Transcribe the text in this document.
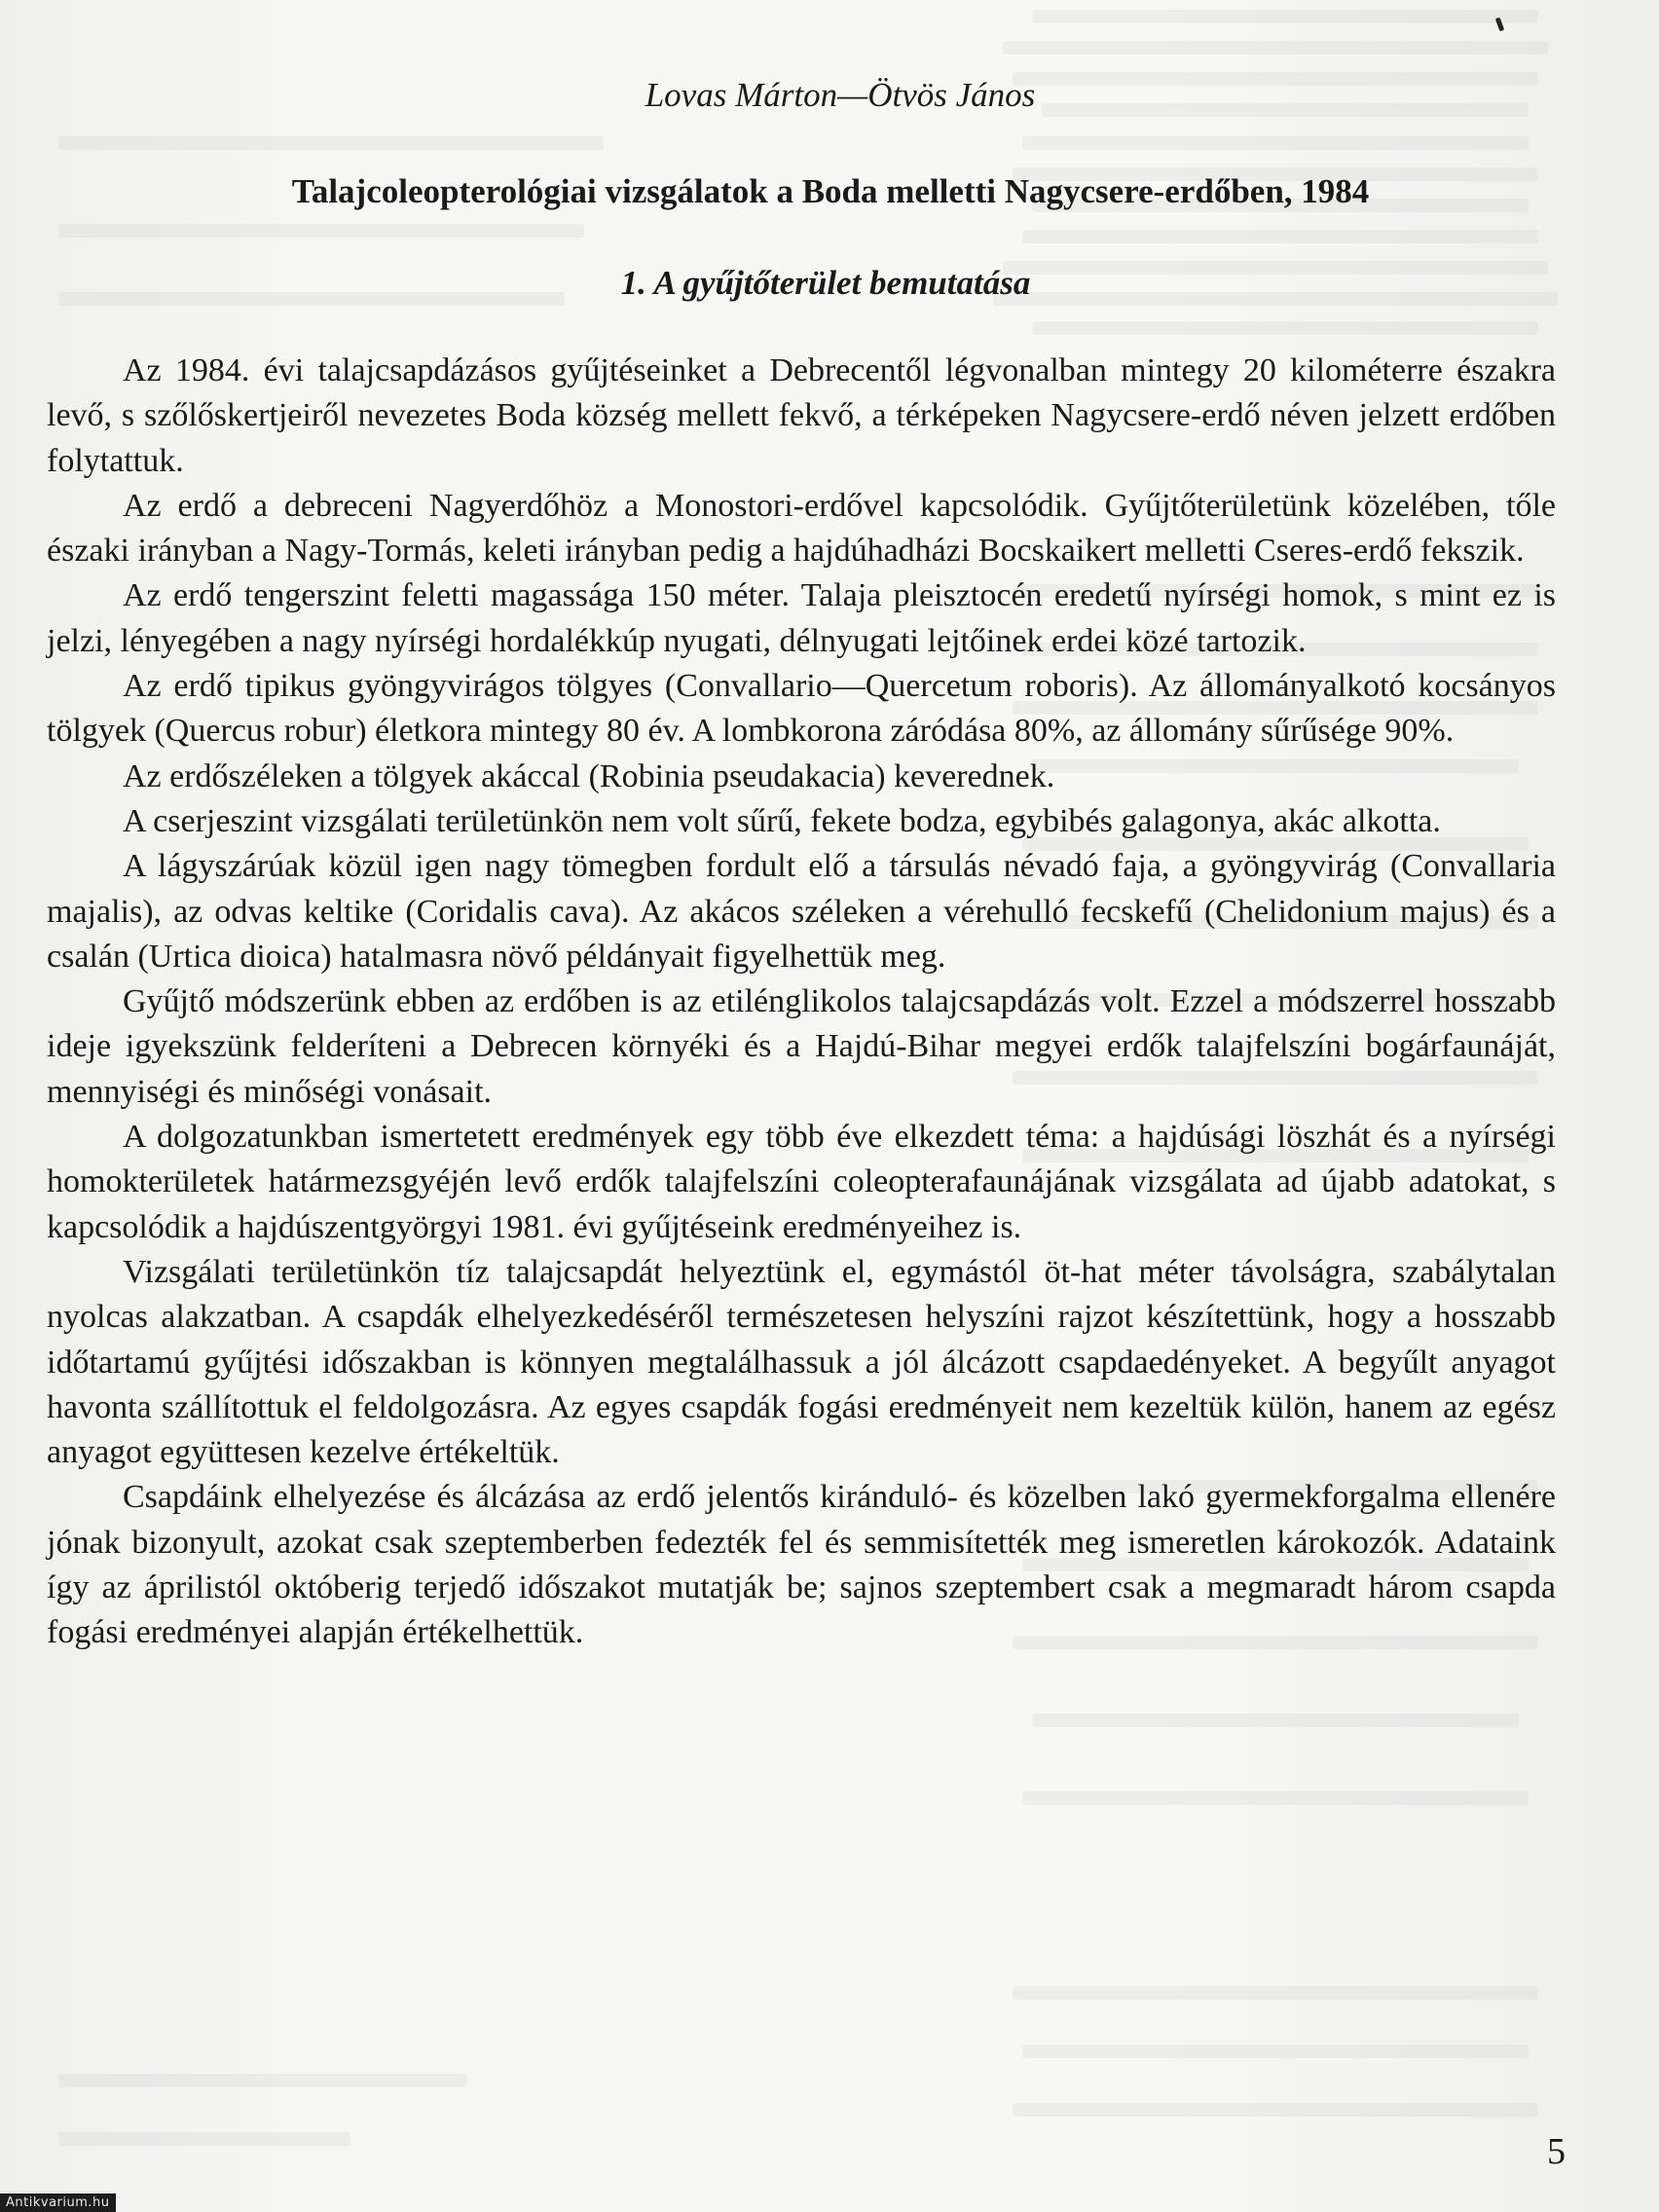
Lovas Márton—Ötvös János

Talajcoleopterológiai vizsgálatok a Boda melletti Nagycsere-erdőben, 1984
1. A gyűjtőterület bemutatása

Az 1984. évi talajcsapdázásos gyűjtéseinket a Debrecentől légvonalban mintegy 20 kilométerre északra levő, s szőlőskertjeiről nevezetes Boda község mellett fekvő, a térképeken Nagycsere-erdő néven jelzett erdőben folytattuk.

Az erdő a debreceni Nagyerdőhöz a Monostori-erdővel kapcsolódik. Gyűjtőterületünk közelében, tőle északi irányban a Nagy-Tormás, keleti irányban pedig a hajdúhadházi Bocskaikert melletti Cseres-erdő fekszik.

Az erdő tengerszint feletti magassága 150 méter. Talaja pleisztocén eredetű nyírségi homok, s mint ez is jelzi, lényegében a nagy nyírségi hordalékkúp nyugati, délnyugati lejtőinek erdei közé tartozik.

Az erdő tipikus gyöngyvirágos tölgyes (Convallario—Quercetum roboris). Az állományalkotó kocsányos tölgyek (Quercus robur) életkora mintegy 80 év. A lombkorona záródása 80%, az állomány sűrűsége 90%.

Az erdőszéleken a tölgyek akáccal (Robinia pseudakacia) keverednek.

A cserjeszint vizsgálati területünkön nem volt sűrű, fekete bodza, egybibés galagonya, akác alkotta.

A lágyszárúak közül igen nagy tömegben fordult elő a társulás névadó faja, a gyöngyvirág (Convallaria majalis), az odvas keltike (Coridalis cava). Az akácos széleken a vérehulló fecskefű (Chelidonium majus) és a csalán (Urtica dioica) hatalmasra növő példányait figyelhettük meg.

Gyűjtő módszerünk ebben az erdőben is az etilénglikolos talajcsapdázás volt. Ezzel a módszerrel hosszabb ideje igyekszünk felderíteni a Debrecen környéki és a Hajdú-Bihar megyei erdők talajfelszíni bogárfaunáját, mennyiségi és minőségi vonásait.

A dolgozatunkban ismertetett eredmények egy több éve elkezdett téma: a hajdúsági löszhát és a nyírségi homokterületek határmezsgyéjén levő erdők talajfelszíni coleopterafaunájának vizsgálata ad újabb adatokat, s kapcsolódik a hajdúszentgyörgyi 1981. évi gyűjtéseink eredményeihez is.

Vizsgálati területünkön tíz talajcsapdát helyeztünk el, egymástól öt-hat méter távolságra, szabálytalan nyolcas alakzatban. A csapdák elhelyezkedéséről természetesen helyszíni rajzot készítettünk, hogy a hosszabb időtartamú gyűjtési időszakban is könnyen megtalálhassuk a jól álcázott csapdaedényeket. A begyűlt anyagot havonta szállítottuk el feldolgozásra. Az egyes csapdák fogási eredményeit nem kezeltük külön, hanem az egész anyagot együttesen kezelve értékeltük.

Csapdáink elhelyezése és álcázása az erdő jelentős kiránduló- és közelben lakó gyermekforgalma ellenére jónak bizonyult, azokat csak szeptemberben fedezték fel és semmisítették meg ismeretlen károkozók. Adataink így az áprilistól októberig terjedő időszakot mutatják be; sajnos szeptembert csak a megmaradt három csapda fogási eredményei alapján értékelhettük.

5
Antikvarium.hu
